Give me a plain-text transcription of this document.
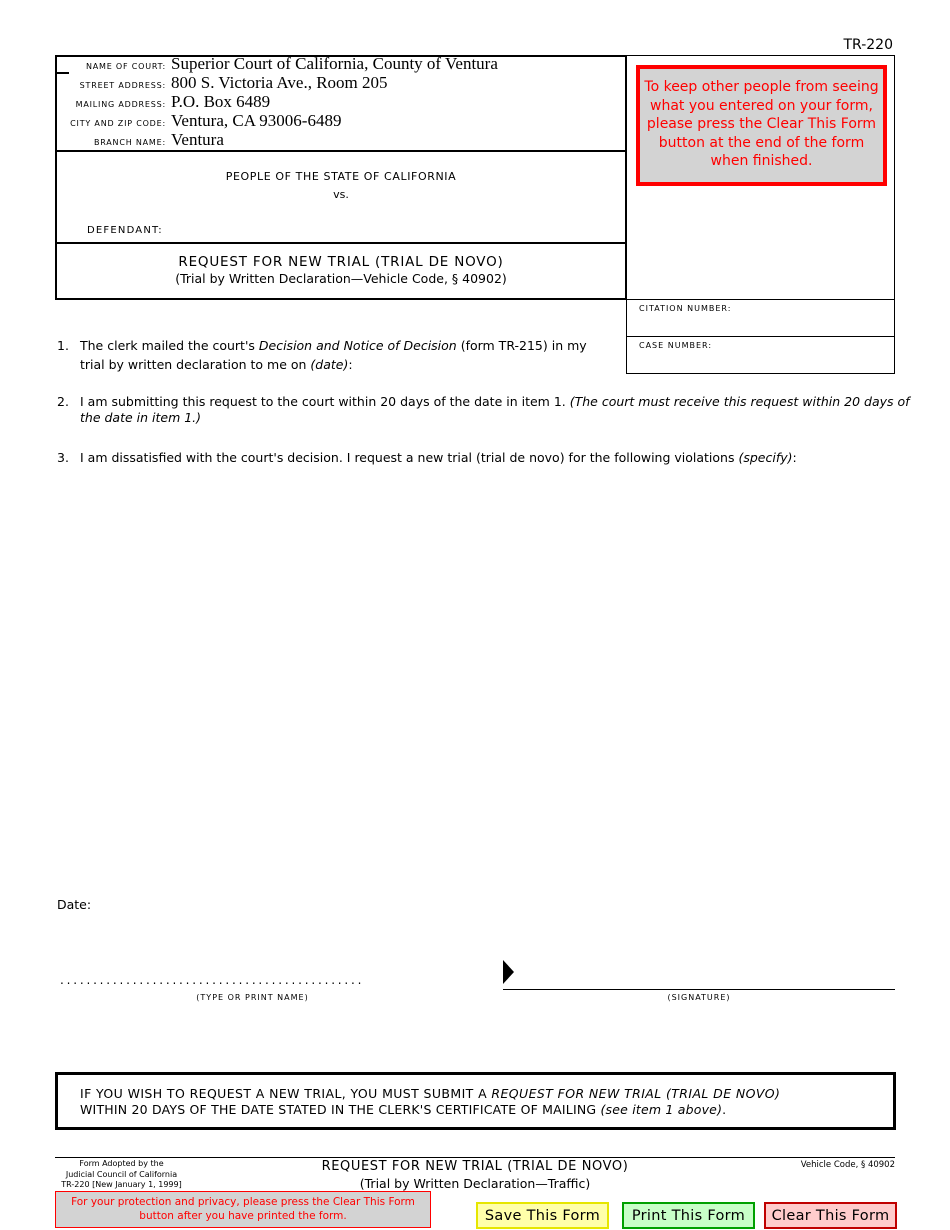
TR-220
NAME OF COURT: Superior Court of California, County of Ventura
STREET ADDRESS: 800 S. Victoria Ave., Room 205
MAILING ADDRESS: P.O. Box 6489
CITY AND ZIP CODE: Ventura, CA 93006-6489
BRANCH NAME: Ventura
PEOPLE OF THE STATE OF CALIFORNIA
vs.
DEFENDANT:
REQUEST FOR NEW TRIAL (TRIAL DE NOVO)
(Trial by Written Declaration—Vehicle Code, § 40902)
To keep other people from seeing what you entered on your form, please press the Clear This Form button at the end of the form when finished.
CITATION NUMBER:
CASE NUMBER:
1. The clerk mailed the court's Decision and Notice of Decision (form TR-215) in my
trial by written declaration to me on (date):
2. I am submitting this request to the court within 20 days of the date in item 1. (The court must receive this request within 20 days of
the date in item 1.)
3. I am dissatisfied with the court's decision. I request a new trial (trial de novo) for the following violations (specify):
Date:
..............................................
(TYPE OR PRINT NAME)	(SIGNATURE)
IF YOU WISH TO REQUEST A NEW TRIAL, YOU MUST SUBMIT A REQUEST FOR NEW TRIAL (TRIAL DE NOVO)
WITHIN 20 DAYS OF THE DATE STATED IN THE CLERK'S CERTIFICATE OF MAILING (see item 1 above).
Form Adopted by the
Judicial Council of California
TR-220 [New January 1, 1999]
REQUEST FOR NEW TRIAL (TRIAL DE NOVO)
(Trial by Written Declaration—Traffic)
Vehicle Code, § 40902
For your protection and privacy, please press the Clear This Form button after you have printed the form.	Save This Form	Print This Form	Clear This Form
